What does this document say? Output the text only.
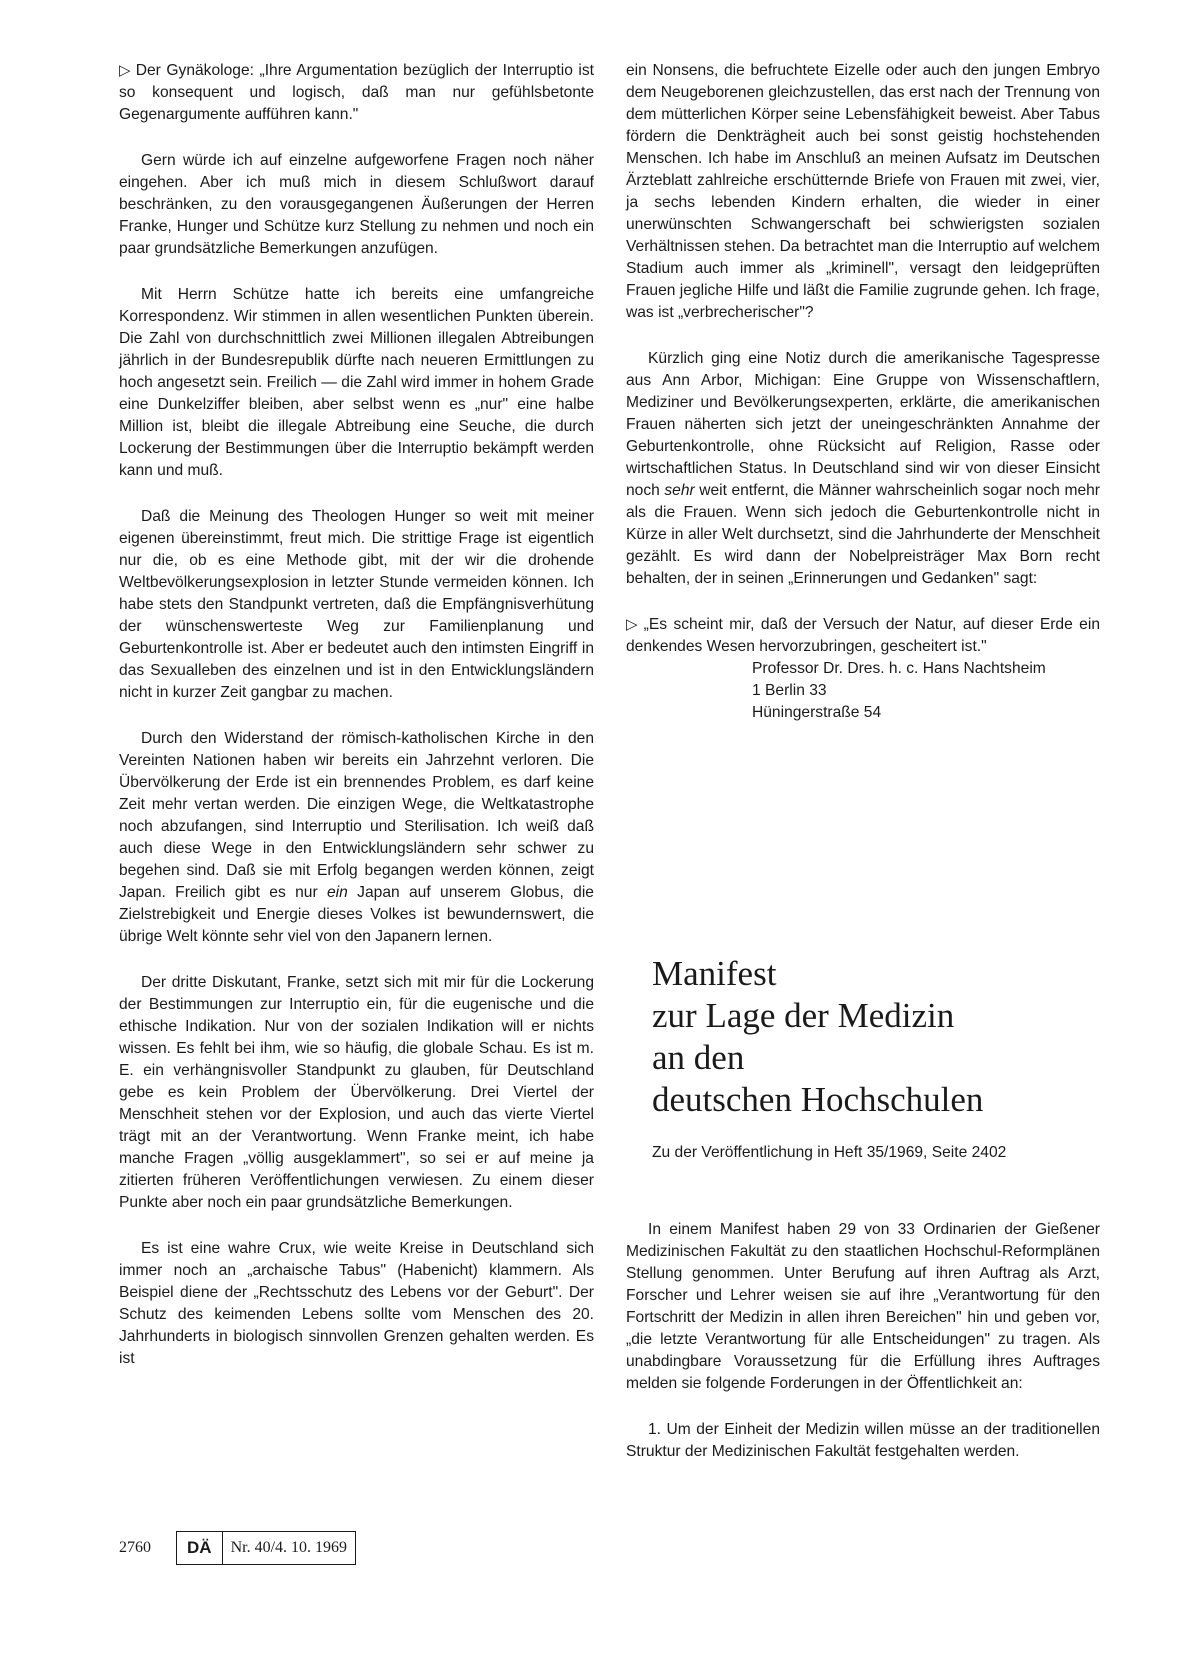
▷ Der Gynäkologe: „Ihre Argumentation bezüglich der Interruptio ist so konsequent und logisch, daß man nur gefühlsbetonte Gegenargumente aufführen kann."

Gern würde ich auf einzelne aufgeworfene Fragen noch näher eingehen. Aber ich muß mich in diesem Schlußwort darauf beschränken, zu den vorausgegangenen Äußerungen der Herren Franke, Hunger und Schütze kurz Stellung zu nehmen und noch ein paar grundsätzliche Bemerkungen anzufügen.

Mit Herrn Schütze hatte ich bereits eine umfangreiche Korrespondenz. Wir stimmen in allen wesentlichen Punkten überein. Die Zahl von durchschnittlich zwei Millionen illegalen Abtreibungen jährlich in der Bundesrepublik dürfte nach neueren Ermittlungen zu hoch angesetzt sein. Freilich — die Zahl wird immer in hohem Grade eine Dunkelziffer bleiben, aber selbst wenn es „nur" eine halbe Million ist, bleibt die illegale Abtreibung eine Seuche, die durch Lockerung der Bestimmungen über die Interruptio bekämpft werden kann und muß.

Daß die Meinung des Theologen Hunger so weit mit meiner eigenen übereinstimmt, freut mich. Die strittige Frage ist eigentlich nur die, ob es eine Methode gibt, mit der wir die drohende Weltbevölkerungsexplosion in letzter Stunde vermeiden können. Ich habe stets den Standpunkt vertreten, daß die Empfängnisverhütung der wünschenswerteste Weg zur Familienplanung und Geburtenkontrolle ist. Aber er bedeutet auch den intimsten Eingriff in das Sexualleben des einzelnen und ist in den Entwicklungsländern nicht in kurzer Zeit gangbar zu machen.

Durch den Widerstand der römisch-katholischen Kirche in den Vereinten Nationen haben wir bereits ein Jahrzehnt verloren. Die Übervölkerung der Erde ist ein brennendes Problem, es darf keine Zeit mehr vertan werden. Die einzigen Wege, die Weltkatastrophe noch abzufangen, sind Interruptio und Sterilisation. Ich weiß daß auch diese Wege in den Entwicklungsländern sehr schwer zu begehen sind. Daß sie mit Erfolg begangen werden können, zeigt Japan. Freilich gibt es nur ein Japan auf unserem Globus, die Zielstrebigkeit und Energie dieses Volkes ist bewundernswert, die übrige Welt könnte sehr viel von den Japanern lernen.

Der dritte Diskutant, Franke, setzt sich mit mir für die Lockerung der Bestimmungen zur Interruptio ein, für die eugenische und die ethische Indikation. Nur von der sozialen Indikation will er nichts wissen. Es fehlt bei ihm, wie so häufig, die globale Schau. Es ist m. E. ein verhängnisvoller Standpunkt zu glauben, für Deutschland gebe es kein Problem der Übervölkerung. Drei Viertel der Menschheit stehen vor der Explosion, und auch das vierte Viertel trägt mit an der Verantwortung. Wenn Franke meint, ich habe manche Fragen „völlig ausgeklammert", so sei er auf meine ja zitierten früheren Veröffentlichungen verwiesen. Zu einem dieser Punkte aber noch ein paar grundsätzliche Bemerkungen.

Es ist eine wahre Crux, wie weite Kreise in Deutschland sich immer noch an „archaische Tabus" (Habenicht) klammern. Als Beispiel diene der „Rechtsschutz des Lebens vor der Geburt". Der Schutz des keimenden Lebens sollte vom Menschen des 20. Jahrhunderts in biologisch sinnvollen Grenzen gehalten werden. Es ist

ein Nonsens, die befruchtete Eizelle oder auch den jungen Embryo dem Neugeborenen gleichzustellen, das erst nach der Trennung von dem mütterlichen Körper seine Lebensfähigkeit beweist. Aber Tabus fördern die Denkträgheit auch bei sonst geistig hochstehenden Menschen. Ich habe im Anschluß an meinen Aufsatz im Deutschen Ärzteblatt zahlreiche erschütternde Briefe von Frauen mit zwei, vier, ja sechs lebenden Kindern erhalten, die wieder in einer unerwünschten Schwangerschaft bei schwierigsten sozialen Verhältnissen stehen. Da betrachtet man die Interruptio auf welchem Stadium auch immer als „kriminell", versagt den leidgeprüften Frauen jegliche Hilfe und läßt die Familie zugrunde gehen. Ich frage, was ist „verbrecherischer"?

Kürzlich ging eine Notiz durch die amerikanische Tagespresse aus Ann Arbor, Michigan: Eine Gruppe von Wissenschaftlern, Mediziner und Bevölkerungsexperten, erklärte, die amerikanischen Frauen näherten sich jetzt der uneingeschränkten Annahme der Geburtenkontrolle, ohne Rücksicht auf Religion, Rasse oder wirtschaftlichen Status. In Deutschland sind wir von dieser Einsicht noch sehr weit entfernt, die Männer wahrscheinlich sogar noch mehr als die Frauen. Wenn sich jedoch die Geburtenkontrolle nicht in Kürze in aller Welt durchsetzt, sind die Jahrhunderte der Menschheit gezählt. Es wird dann der Nobelpreisträger Max Born recht behalten, der in seinen „Erinnerungen und Gedanken" sagt:

▷ „Es scheint mir, daß der Versuch der Natur, auf dieser Erde ein denkendes Wesen hervorzubringen, gescheitert ist."

Professor Dr. Dres. h. c. Hans Nachtsheim
1 Berlin 33
Hüningerstraße 54
Manifest
zur Lage der Medizin
an den
deutschen Hochschulen
Zu der Veröffentlichung in Heft 35/1969, Seite 2402

In einem Manifest haben 29 von 33 Ordinarien der Gießener Medizinischen Fakultät zu den staatlichen Hochschul-Reformplänen Stellung genommen. Unter Berufung auf ihren Auftrag als Arzt, Forscher und Lehrer weisen sie auf ihre „Verantwortung für den Fortschritt der Medizin in allen ihren Bereichen" hin und geben vor, „die letzte Verantwortung für alle Entscheidungen" zu tragen. Als unabdingbare Voraussetzung für die Erfüllung ihres Auftrages melden sie folgende Forderungen in der Öffentlichkeit an:

1. Um der Einheit der Medizin willen müsse an der traditionellen Struktur der Medizinischen Fakultät festgehalten werden.

2760	DÄ	Nr. 40/4. 10. 1969
